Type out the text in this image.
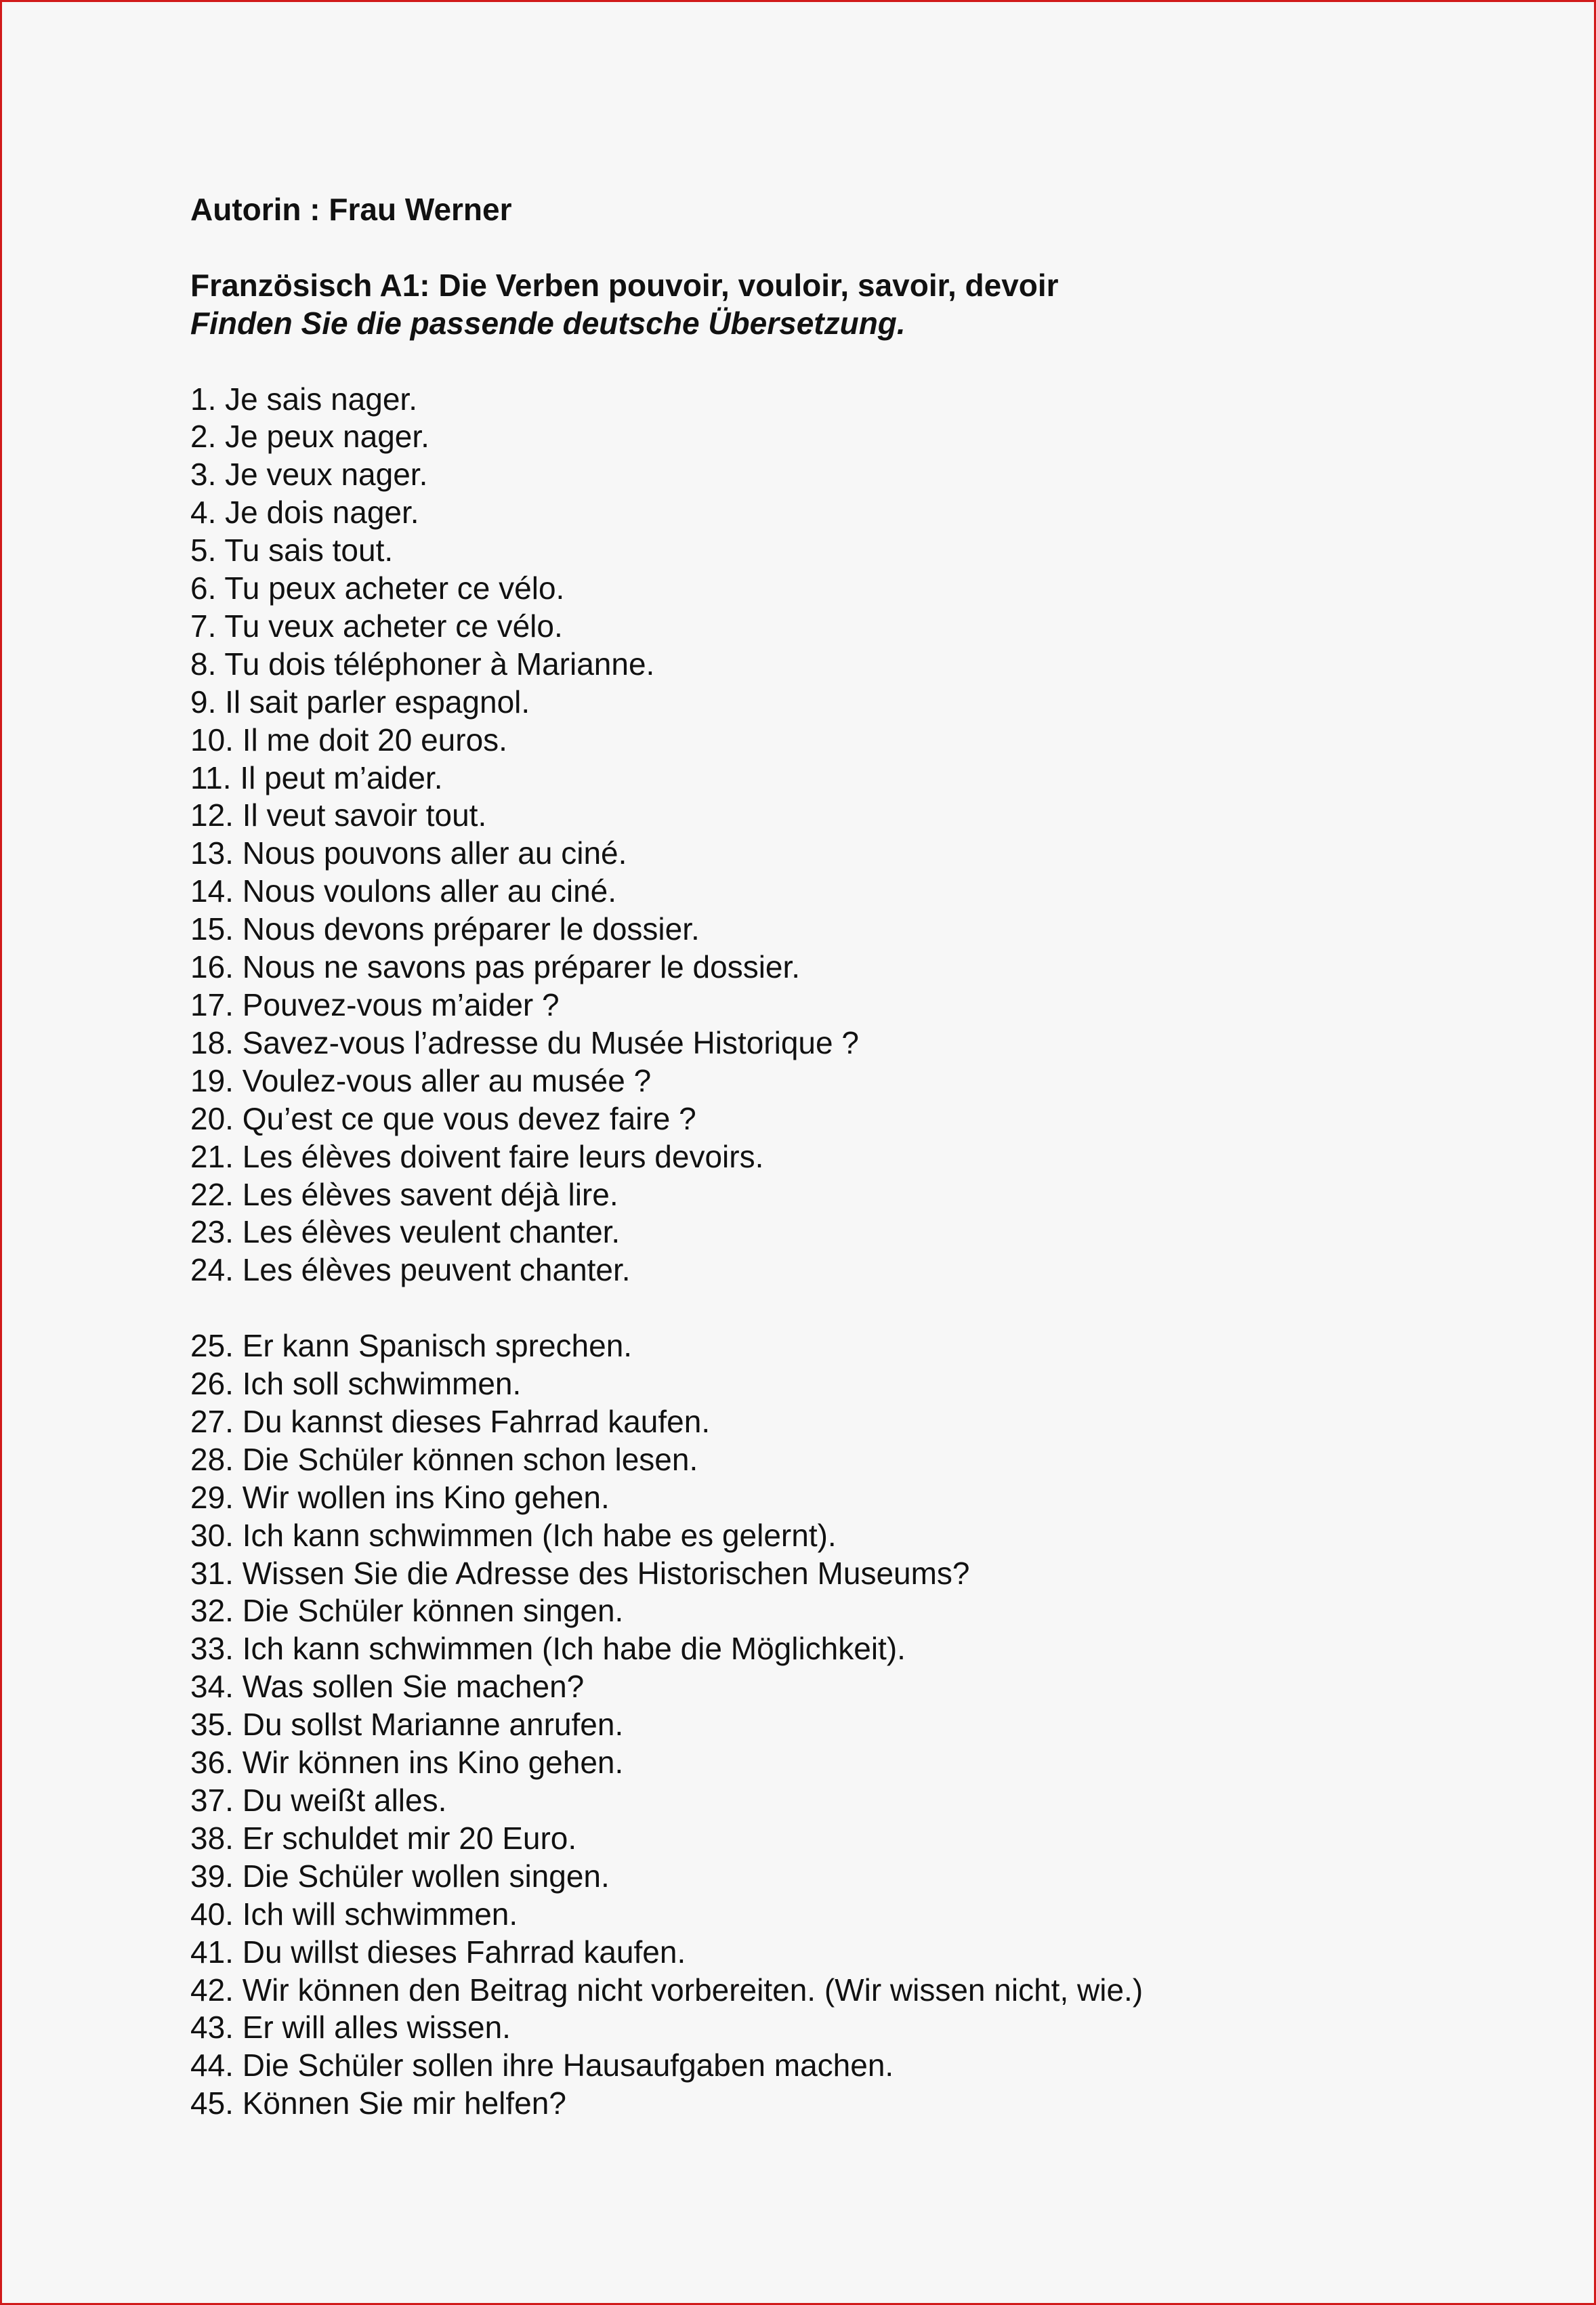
Autorin : Frau Werner

Französisch A1: Die Verben pouvoir, vouloir, savoir, devoir

Finden Sie die passende deutsche Übersetzung.

1. Je sais nager.
2. Je peux nager.
3. Je veux nager.
4. Je dois nager.
5. Tu sais tout.
6. Tu peux acheter ce vélo.
7. Tu veux acheter ce vélo.
8. Tu dois téléphoner à Marianne.
9. Il sait parler espagnol.
10. Il me doit 20 euros.
11. Il peut m’aider.
12. Il veut savoir tout.
13. Nous pouvons aller au ciné.
14. Nous voulons aller au ciné.
15. Nous devons préparer le dossier.
16. Nous ne savons pas préparer le dossier.
17. Pouvez-vous m’aider ?
18. Savez-vous l’adresse du Musée Historique ?
19. Voulez-vous aller au musée ?
20. Qu’est ce que vous devez faire ?
21. Les élèves doivent faire leurs devoirs.
22. Les élèves savent déjà lire.
23. Les élèves veulent chanter.
24. Les élèves peuvent chanter.
25. Er kann Spanisch sprechen.
26. Ich soll schwimmen.
27. Du kannst dieses Fahrrad kaufen.
28. Die Schüler können schon lesen.
29. Wir wollen ins Kino gehen.
30. Ich kann schwimmen (Ich habe es gelernt).
31. Wissen Sie die Adresse des Historischen Museums?
32. Die Schüler können singen.
33. Ich kann schwimmen (Ich habe die Möglichkeit).
34. Was sollen Sie machen?
35. Du sollst Marianne anrufen.
36. Wir können ins Kino gehen.
37. Du weißt alles.
38. Er schuldet mir 20 Euro.
39. Die Schüler wollen singen.
40. Ich will schwimmen.
41. Du willst dieses Fahrrad kaufen.
42. Wir können den Beitrag nicht vorbereiten. (Wir wissen nicht, wie.)
43. Er will alles wissen.
44. Die Schüler sollen ihre Hausaufgaben machen.
45. Können Sie mir helfen?
